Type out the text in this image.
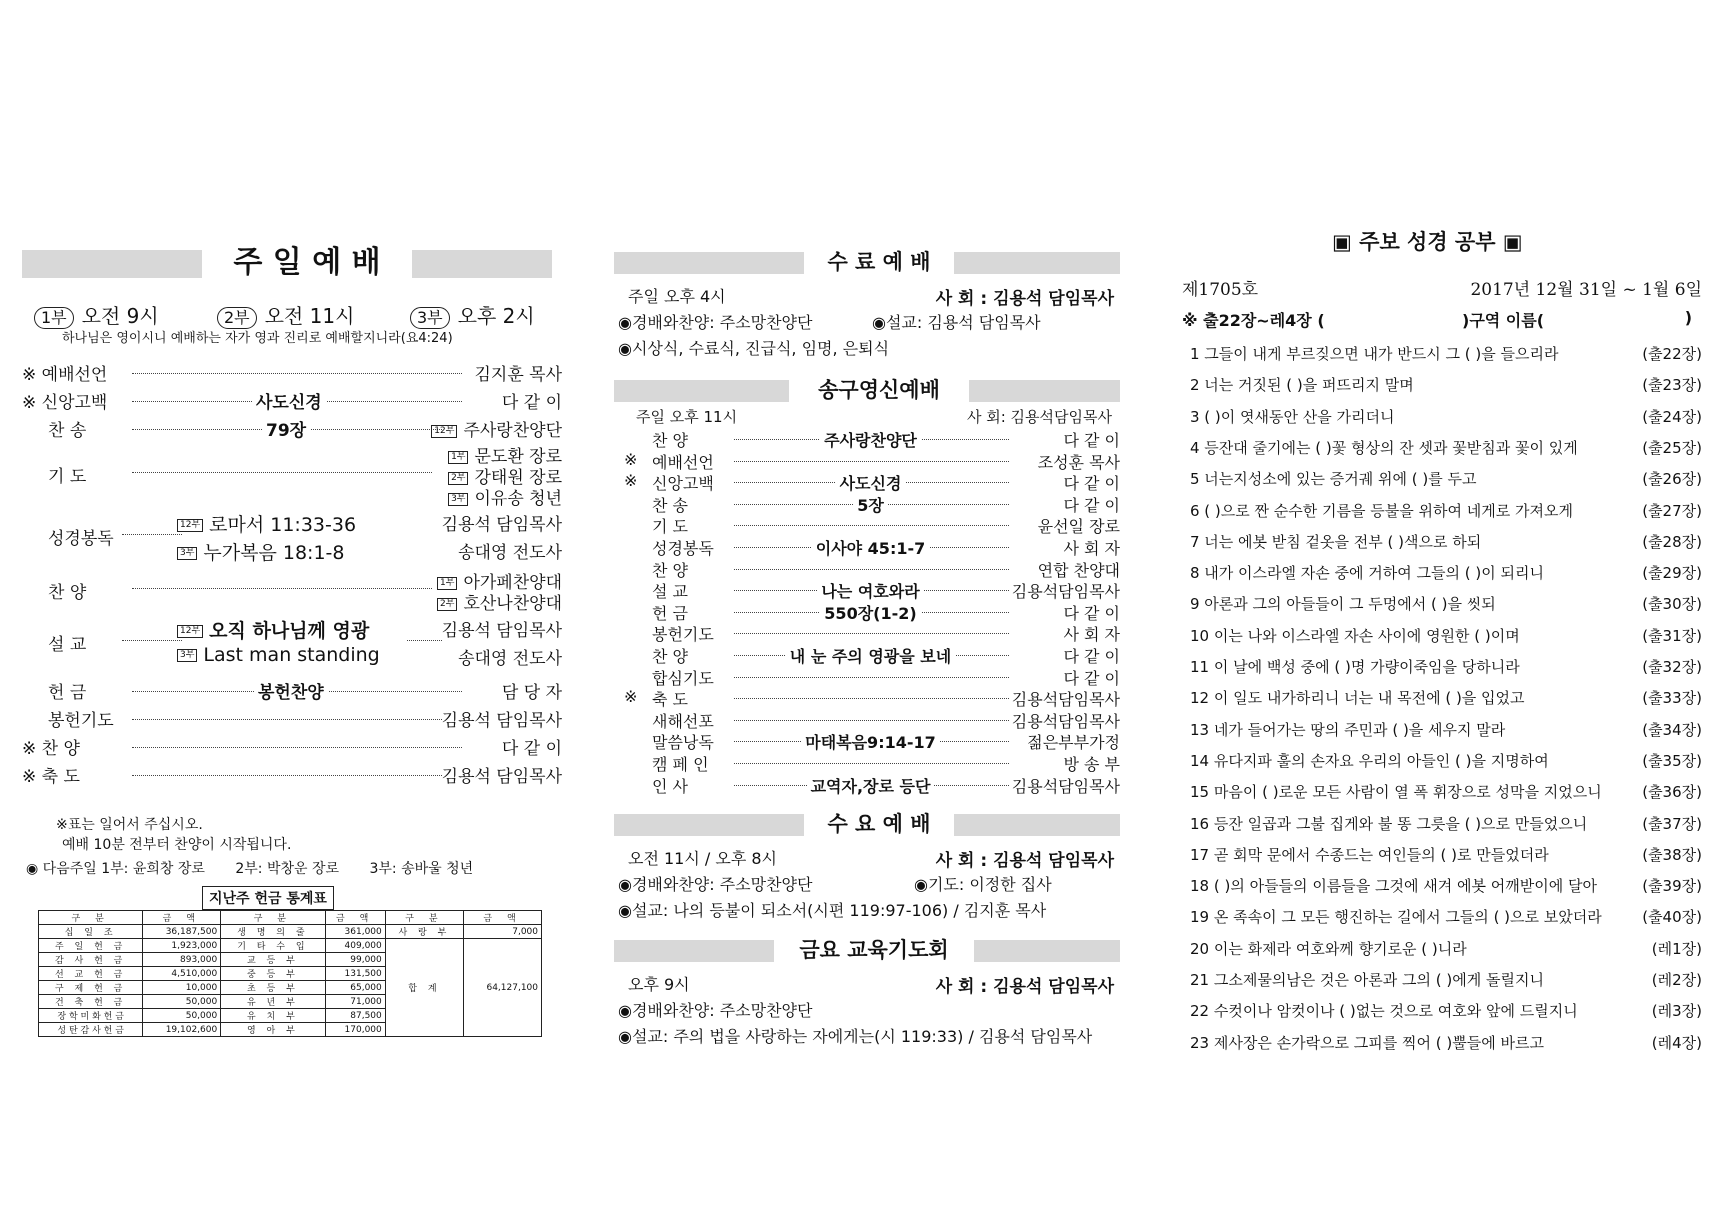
주 일 예 배
1부 오전 9시	2부 오전 11시	3부 오후 2시
하나님은 영이시니 예배하는 자가 영과 진리로 예배할지니라(요4:24)
※ 예배선언	김지훈 목사
※ 신앙고백	사도신경	다 같 이
찬 송	79장	12부 주사랑찬양단
기 도
1부 문도환 장로
2부 강태원 장로
3부 이유송 청년
성경봉독
12부 로마서 11:33-36	김용석 담임목사
3부 누가복음 18:1-8	송대영 전도사
찬 양
1부 아가페찬양대
2부 호산나찬양대
설 교
12부 오직 하나님께 영광	김용석 담임목사
3부 Last man standing	송대영 전도사
헌 금	봉헌찬양	담 당 자
봉헌기도	김용석 담임목사
※ 찬 양	다 같 이
※ 축 도	김용석 담임목사
※표는 일어서 주십시오.
예배 10분 전부터 찬양이 시작됩니다.
◉ 다음주일 1부: 윤희창 장로 2부: 박창운 장로 3부: 송바울 청년
지난주 헌금 통계표
구 분	금 액	구 분	금 액	구 분	금 액
십 일 조	36,187,500	생 명 의 줄	361,000	사 랑 부	7,000
주 일 헌 금	1,923,000	기 타 수 입	409,000	합 계	64,127,100
감 사 헌 금	893,000	교 등 부	99,000		
선 교 헌 금	4,510,000	중 등 부	131,500		
구 제 헌 금	10,000	초 등 부	65,000		
건 축 헌 금	50,000	유 년 부	71,000		
장 학 미 화 헌 금	50,000	유 치 부	87,500		
성 탄 감 사 헌 금	19,102,600	영 아 부	170,000		
수 료 예 배
주일 오후 4시	사 회 : 김용석 담임목사
◉경배와찬양: 주소망찬양단	◉설교: 김용석 담임목사
◉시상식, 수료식, 진급식, 임명, 은퇴식
송구영신예배
주일 오후 11시	사 회: 김용석담임목사
찬 양	주사랑찬양단	다 같 이
※ 예배선언	조성훈 목사
※ 신앙고백	사도신경	다 같 이
찬 송	5장	다 같 이
기 도	윤선일 장로
성경봉독	이사야 45:1-7	사 회 자
찬 양	연합 찬양대
설 교	나는 여호와라	김용석담임목사
헌 금	550장(1-2)	다 같 이
봉헌기도	사 회 자
찬 양	내 눈 주의 영광을 보네	다 같 이
합심기도	다 같 이
※ 축 도	김용석담임목사
새해선포	김용석담임목사
말씀낭독	마태복음9:14-17	젊은부부가정
캠 페 인	방 송 부
인 사	교역자,장로 등단	김용석담임목사
수 요 예 배
오전 11시 / 오후 8시	사 회 : 김용석 담임목사
◉경배와찬양: 주소망찬양단	◉기도: 이정한 집사
◉설교: 나의 등불이 되소서(시편 119:97-106) / 김지훈 목사
금요 교육기도회
오후 9시	사 회 : 김용석 담임목사
◉경배와찬양: 주소망찬양단
◉설교: 주의 법을 사랑하는 자에게는(시 119:33) / 김용석 담임목사
▣ 주보 성경 공부 ▣
제1705호	2017년 12월 31일 ~ 1월 6일
※ 출22장~레4장 (	)구역 이름(	)
1 그들이 내게 부르짖으면 내가 반드시 그 ( )을 들으리라	(출22장)
2 너는 거짓된 ( )을 퍼뜨리지 말며	(출23장)
3 ( )이 엿새동안 산을 가리더니	(출24장)
4 등잔대 줄기에는 ( )꽃 형상의 잔 셋과 꽃받침과 꽃이 있게	(출25장)
5 너는지성소에 있는 증거궤 위에 ( )를 두고	(출26장)
6 ( )으로 짠 순수한 기름을 등불을 위하여 네게로 가져오게	(출27장)
7 너는 에봇 받침 겉옷을 전부 ( )색으로 하되	(출28장)
8 내가 이스라엘 자손 중에 거하여 그들의 ( )이 되리니	(출29장)
9 아론과 그의 아들들이 그 두멍에서 ( )을 씻되	(출30장)
10 이는 나와 이스라엘 자손 사이에 영원한 ( )이며	(출31장)
11 이 날에 백성 중에 ( )명 가량이죽임을 당하니라	(출32장)
12 이 일도 내가하리니 너는 내 목전에 ( )을 입었고	(출33장)
13 네가 들어가는 땅의 주민과 ( )을 세우지 말라	(출34장)
14 유다지파 훌의 손자요 우리의 아들인 ( )을 지명하여	(출35장)
15 마음이 ( )로운 모든 사람이 열 폭 휘장으로 성막을 지었으니	(출36장)
16 등잔 일곱과 그불 집게와 불 똥 그릇을 ( )으로 만들었으니	(출37장)
17 곧 회막 문에서 수종드는 여인들의 ( )로 만들었더라	(출38장)
18 ( )의 아들들의 이름들을 그것에 새겨 에봇 어깨받이에 달아	(출39장)
19 온 족속이 그 모든 행진하는 길에서 그들의 ( )으로 보았더라	(출40장)
20 이는 화제라 여호와께 향기로운 ( )니라	(레1장)
21 그소제물의남은 것은 아론과 그의 ( )에게 돌릴지니	(레2장)
22 수컷이나 암컷이나 ( )없는 것으로 여호와 앞에 드릴지니	(레3장)
23 제사장은 손가락으로 그피를 찍어 ( )뿔들에 바르고	(레4장)
